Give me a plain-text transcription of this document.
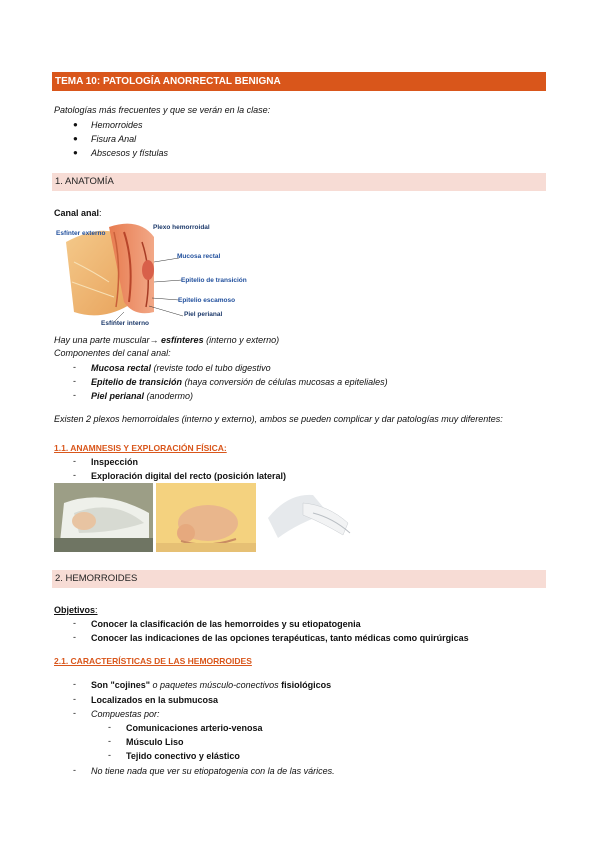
TEMA 10: PATOLOGÍA ANORRECTAL BENIGNA
Patologías más frecuentes y que se verán en la clase:
● Hemorroides
● Fisura Anal
● Abscesos y fístulas
1. ANATOMÍA
Canal anal:
Esfínter externo
Plexo hemorroidal
Mucosa rectal
Epitelio de transición
Epitelio escamoso
Piel perianal
Esfínter interno
Hay una parte muscular→ esfínteres (interno y externo)
Componentes del canal anal:
- Mucosa rectal (reviste todo el tubo digestivo
- Epitelio de transición (haya conversión de células mucosas a epiteliales)
- Piel perianal (anodermo)
Existen 2 plexos hemorroidales (interno y externo), ambos se pueden complicar y dar patologías muy diferentes:
1.1. ANAMNESIS Y EXPLORACIÓN FÍSICA:
- Inspección
- Exploración digital del recto (posición lateral)
2. HEMORROIDES
Objetivos:
- Conocer la clasificación de las hemorroides y su etiopatogenia
- Conocer las indicaciones de las opciones terapéuticas, tanto médicas como quirúrgicas
2.1. CARACTERÍSTICAS DE LAS HEMORROIDES
- Son "cojines" o paquetes músculo-conectivos fisiológicos
- Localizados en la submucosa
- Compuestas por:
- Comunicaciones arterio-venosa
- Músculo Liso
- Tejido conectivo y elástico
- No tiene nada que ver su etiopatogenia con la de las várices.
